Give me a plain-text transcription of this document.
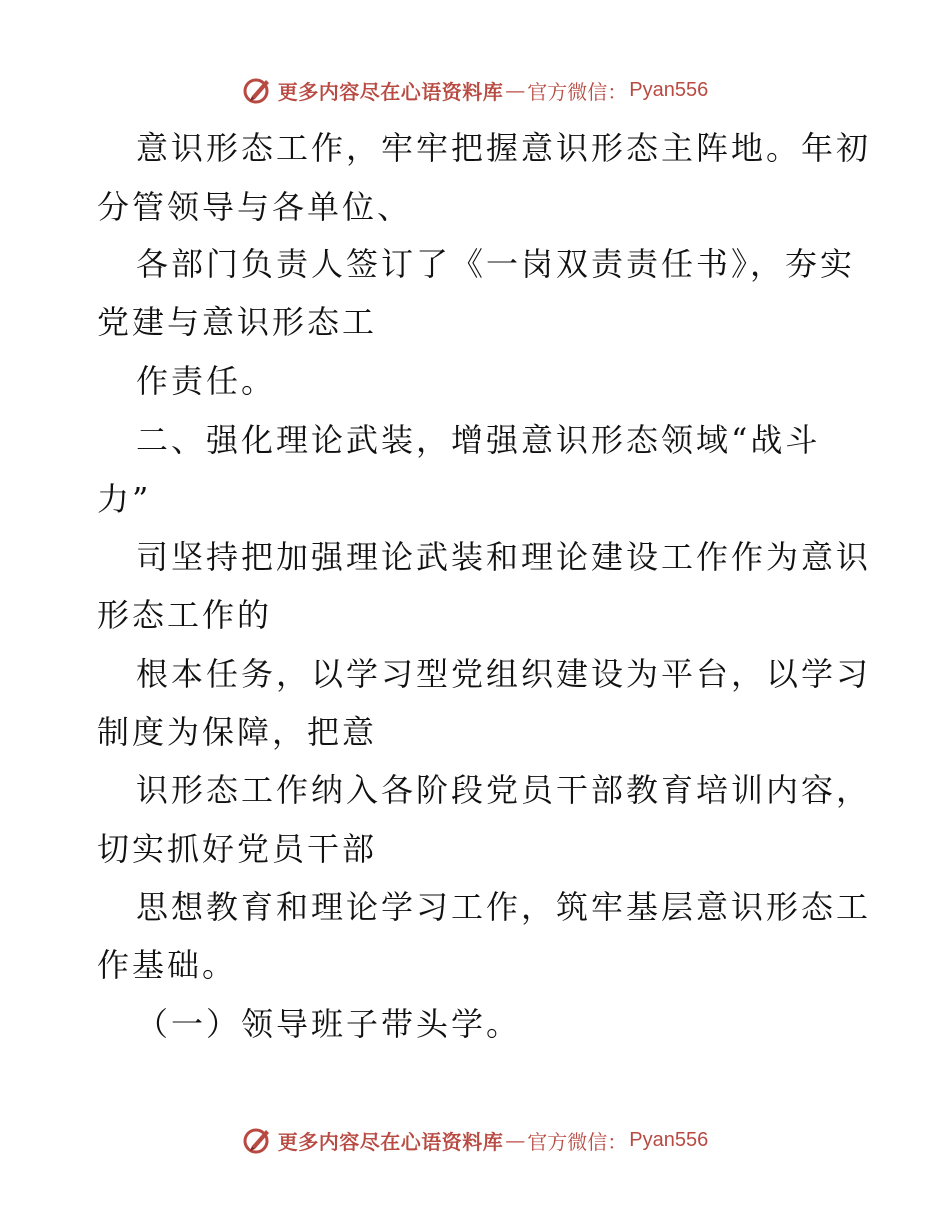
更多内容尽在心语资料库 — 官方微信： Pyan556
意识形态工作，牢牢把握意识形态主阵地。年初
分管领导与各单位、
各部门负责人签订了《一岗双责责任书》，夯实
党建与意识形态工
作责任。
二、强化理论武装，增强意识形态领域“战斗
力”
司坚持把加强理论武装和理论建设工作作为意识
形态工作的
根本任务，以学习型党组织建设为平台，以学习
制度为保障，把意
识形态工作纳入各阶段党员干部教育培训内容，
切实抓好党员干部
思想教育和理论学习工作，筑牢基层意识形态工
作基础。
（一）领导班子带头学。
更多内容尽在心语资料库 — 官方微信： Pyan556
